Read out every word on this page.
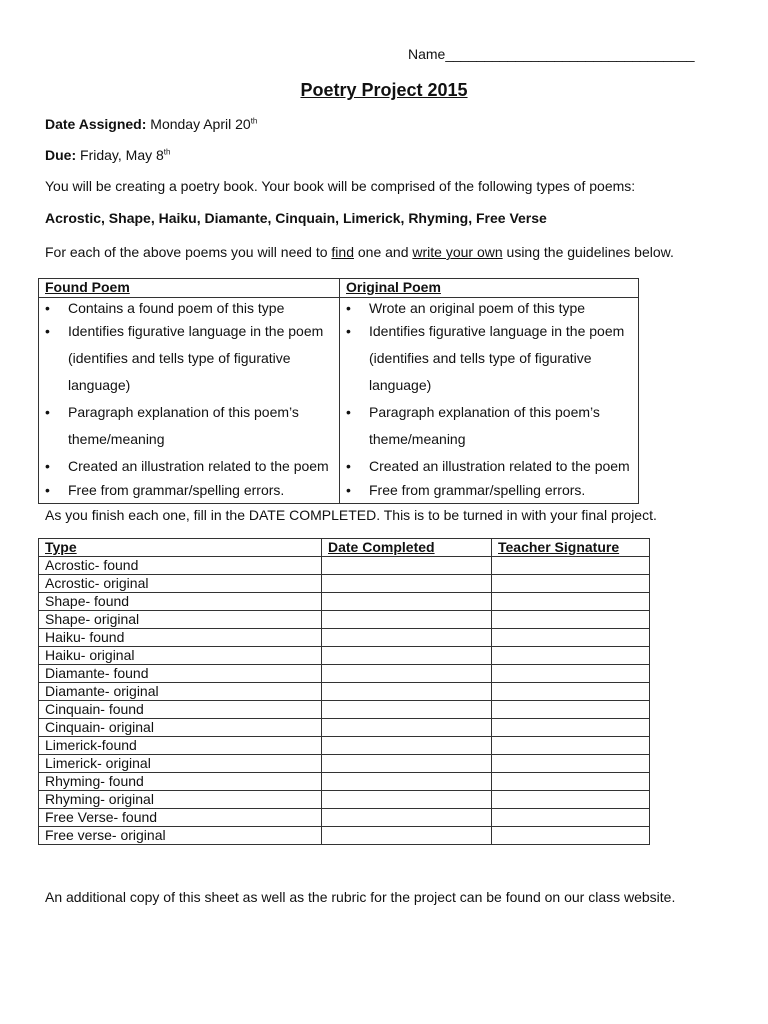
Name________________________________
Poetry Project 2015
Date Assigned: Monday April 20th
Due: Friday, May 8th
You will be creating a poetry book. Your book will be comprised of the following types of poems:
Acrostic, Shape, Haiku, Diamante, Cinquain, Limerick, Rhyming, Free Verse
For each of the above poems you will need to find one and write your own using the guidelines below.
Found Poem
• Contains a found poem of this type
• Identifies figurative language in the poem (identifies and tells type of figurative language)
• Paragraph explanation of this poem’s theme/meaning
• Created an illustration related to the poem
• Free from grammar/spelling errors.
Original Poem
• Wrote an original poem of this type
• Identifies figurative language in the poem (identifies and tells type of figurative language)
• Paragraph explanation of this poem’s theme/meaning
• Created an illustration related to the poem
• Free from grammar/spelling errors.
As you finish each one, fill in the DATE COMPLETED. This is to be turned in with your final project.
Type	Date Completed	Teacher Signature
Acrostic- found		
Acrostic- original		
Shape- found		
Shape- original		
Haiku- found		
Haiku- original		
Diamante- found		
Diamante- original		
Cinquain- found		
Cinquain- original		
Limerick-found		
Limerick- original		
Rhyming- found		
Rhyming- original		
Free Verse- found		
Free verse- original		
An additional copy of this sheet as well as the rubric for the project can be found on our class website.
